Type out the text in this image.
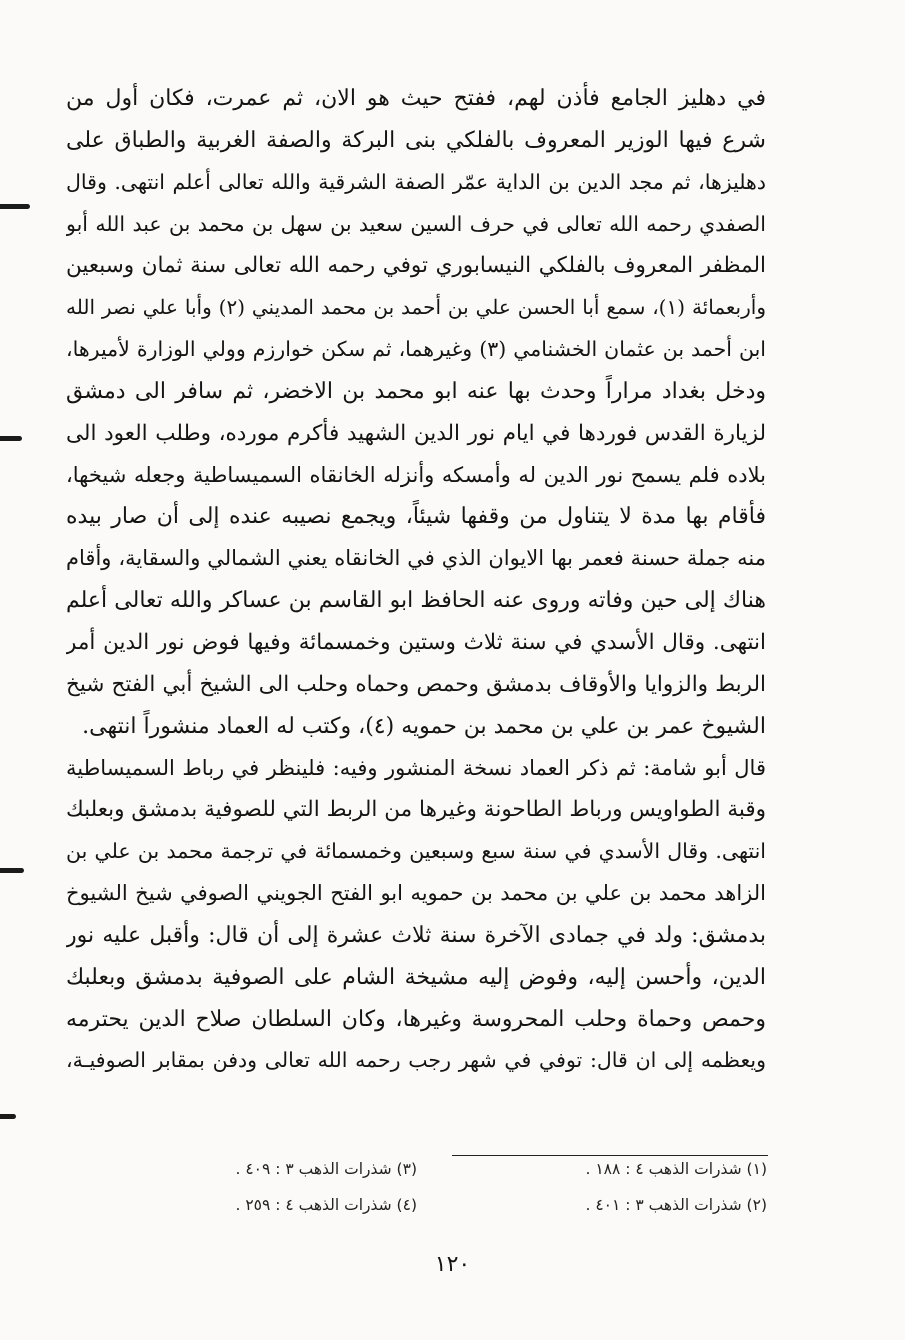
في دهليز الجامع فأذن لهم، ففتح حيث هو الان، ثم عمرت، فكان أول من
شرع فيها الوزير المعروف بالفلكي بنى البركة والصفة الغربية والطباق على
دهليزها، ثم مجد الدين بن الداية عمّر الصفة الشرقية والله تعالى أعلم انتهى. وقال
الصفدي رحمه الله تعالى في حرف السين سعيد بن سهل بن محمد بن عبد الله أبو
المظفر المعروف بالفلكي النيسابوري توفي رحمه الله تعالى سنة ثمان وسبعين
وأربعمائة (١)، سمع أبا الحسن علي بن أحمد بن محمد المديني (٢) وأبا علي نصر الله
ابن أحمد بن عثمان الخشنامي (٣) وغيرهما، ثم سكن خوارزم وولي الوزارة لأميرها،
ودخل بغداد مراراً وحدث بها عنه ابو محمد بن الاخضر، ثم سافر الى دمشق
لزيارة القدس فوردها في ايام نور الدين الشهيد فأكرم مورده، وطلب العود الى
بلاده فلم يسمح نور الدين له وأمسكه وأنزله الخانقاه السميساطية وجعله شيخها،
فأقام بها مدة لا يتناول من وقفها شيئاً، ويجمع نصيبه عنده إلى أن صار بيده
منه جملة حسنة فعمر بها الايوان الذي في الخانقاه يعني الشمالي والسقاية، وأقام
هناك إلى حين وفاته وروى عنه الحافظ ابو القاسم بن عساكر والله تعالى أعلم
انتهى. وقال الأسدي في سنة ثلاث وستين وخمسمائة وفيها فوض نور الدين أمر
الربط والزوايا والأوقاف بدمشق وحمص وحماه وحلب الى الشيخ أبي الفتح شيخ
الشيوخ عمر بن علي بن محمد بن حمويه (٤)، وكتب له العماد منشوراً انتهى.
قال أبو شامة: ثم ذكر العماد نسخة المنشور وفيه: فلينظر في رباط السميساطية
وقبة الطواويس ورباط الطاحونة وغيرها من الربط التي للصوفية بدمشق وبعلبك
انتهى. وقال الأسدي في سنة سبع وسبعين وخمسمائة في ترجمة محمد بن علي بن
الزاهد محمد بن علي بن محمد بن حمويه ابو الفتح الجويني الصوفي شيخ الشيوخ
بدمشق: ولد في جمادى الآخرة سنة ثلاث عشرة إلى أن قال: وأقبل عليه نور
الدين، وأحسن إليه، وفوض إليه مشيخة الشام على الصوفية بدمشق وبعلبك
وحمص وحماة وحلب المحروسة وغيرها، وكان السلطان صلاح الدين يحترمه
ويعظمه إلى ان قال: توفي في شهر رجب رحمه الله تعالى ودفن بمقابر الصوفيـة،
(١) شذرات الذهب ٤ : ١٨٨ .
(٢) شذرات الذهب ٣ : ٤٠١ .
(٣) شذرات الذهب ٣ : ٤٠٩ .
(٤) شذرات الذهب ٤ : ٢٥٩ .
١٢٠
